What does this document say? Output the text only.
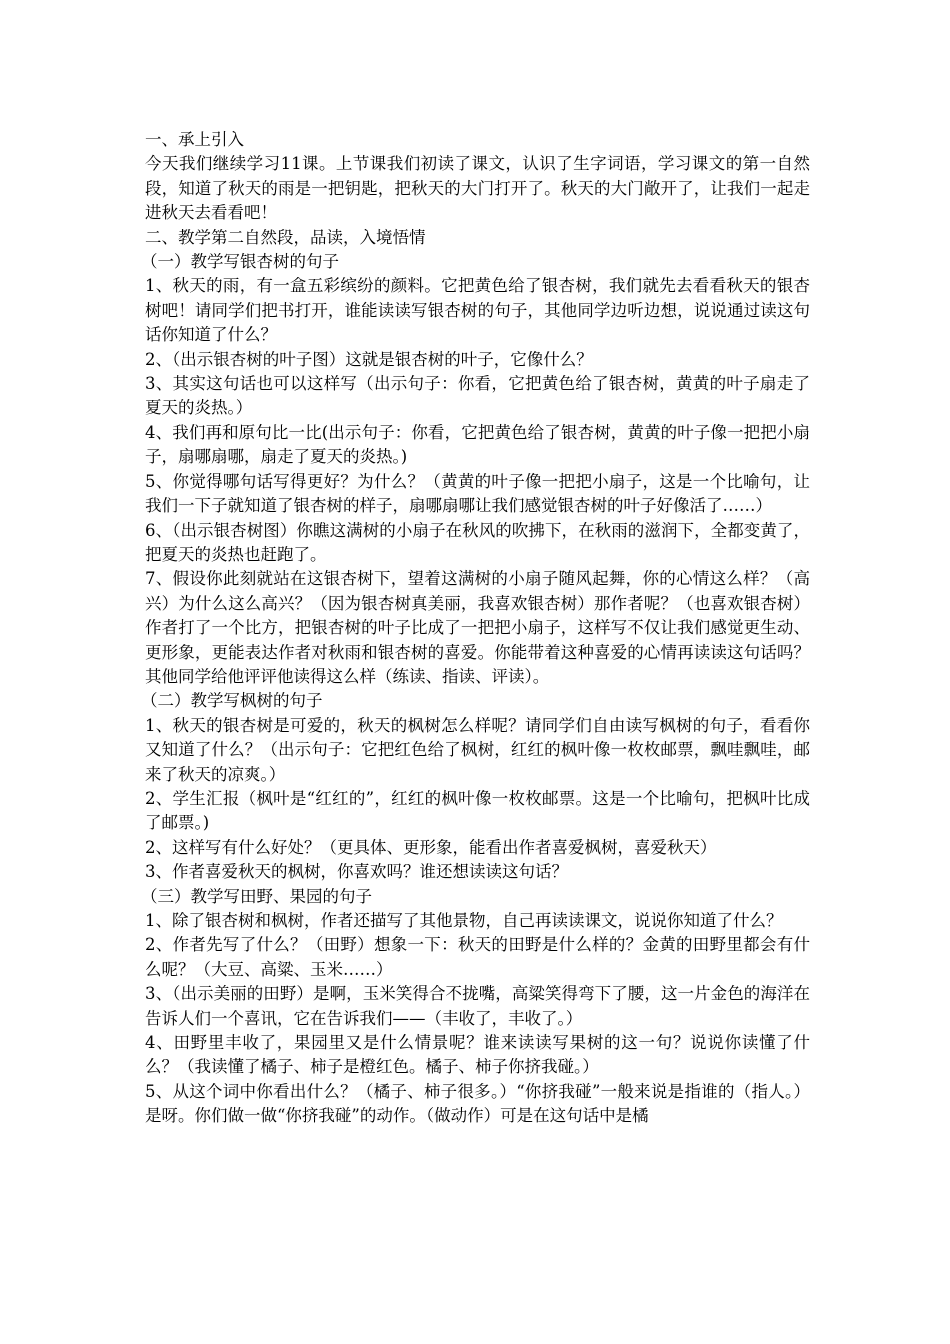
一、承上引入

今天我们继续学习11课。上节课我们初读了课文，认识了生字词语，学习课文的第一自然段，知道了秋天的雨是一把钥匙，把秋天的大门打开了。秋天的大门敞开了，让我们一起走进秋天去看看吧！

二、教学第二自然段，品读，入境悟情

（一）教学写银杏树的句子

1、秋天的雨，有一盒五彩缤纷的颜料。它把黄色给了银杏树，我们就先去看看秋天的银杏树吧！请同学们把书打开，谁能读读写银杏树的句子，其他同学边听边想，说说通过读这句话你知道了什么？

2、（出示银杏树的叶子图）这就是银杏树的叶子，它像什么？

3、其实这句话也可以这样写（出示句子：你看，它把黄色给了银杏树，黄黄的叶子扇走了夏天的炎热。）

4、我们再和原句比一比(出示句子：你看，它把黄色给了银杏树，黄黄的叶子像一把把小扇子，扇哪扇哪，扇走了夏天的炎热。)

5、你觉得哪句话写得更好？为什么？（黄黄的叶子像一把把小扇子，这是一个比喻句，让我们一下子就知道了银杏树的样子，扇哪扇哪让我们感觉银杏树的叶子好像活了……）

6、（出示银杏树图）你瞧这满树的小扇子在秋风的吹拂下，在秋雨的滋润下，全都变黄了，把夏天的炎热也赶跑了。

7、假设你此刻就站在这银杏树下，望着这满树的小扇子随风起舞，你的心情这么样？（高兴）为什么这么高兴？（因为银杏树真美丽，我喜欢银杏树）那作者呢？（也喜欢银杏树）作者打了一个比方，把银杏树的叶子比成了一把把小扇子，这样写不仅让我们感觉更生动、更形象，更能表达作者对秋雨和银杏树的喜爱。你能带着这种喜爱的心情再读读这句话吗？其他同学给他评评他读得这么样（练读、指读、评读）。

（二）教学写枫树的句子

1、秋天的银杏树是可爱的，秋天的枫树怎么样呢？请同学们自由读写枫树的句子，看看你又知道了什么？（出示句子：它把红色给了枫树，红红的枫叶像一枚枚邮票，飘哇飘哇，邮来了秋天的凉爽。）

2、学生汇报（枫叶是“红红的”，红红的枫叶像一枚枚邮票。这是一个比喻句，把枫叶比成了邮票。)

2、这样写有什么好处？（更具体、更形象，能看出作者喜爱枫树，喜爱秋天）

3、作者喜爱秋天的枫树，你喜欢吗？谁还想读读这句话？

（三）教学写田野、果园的句子

1、除了银杏树和枫树，作者还描写了其他景物，自己再读读课文，说说你知道了什么？

2、作者先写了什么？（田野）想象一下：秋天的田野是什么样的？金黄的田野里都会有什么呢？（大豆、高粱、玉米……）

3、（出示美丽的田野）是啊，玉米笑得合不拢嘴，高粱笑得弯下了腰，这一片金色的海洋在告诉人们一个喜讯，它在告诉我们——（丰收了，丰收了。）

4、田野里丰收了，果园里又是什么情景呢？谁来读读写果树的这一句？说说你读懂了什么？（我读懂了橘子、柿子是橙红色。橘子、柿子你挤我碰。）

5、从这个词中你看出什么？（橘子、柿子很多。）“你挤我碰”一般来说是指谁的（指人。）是呀。你们做一做“你挤我碰”的动作。（做动作）可是在这句话中是橘
